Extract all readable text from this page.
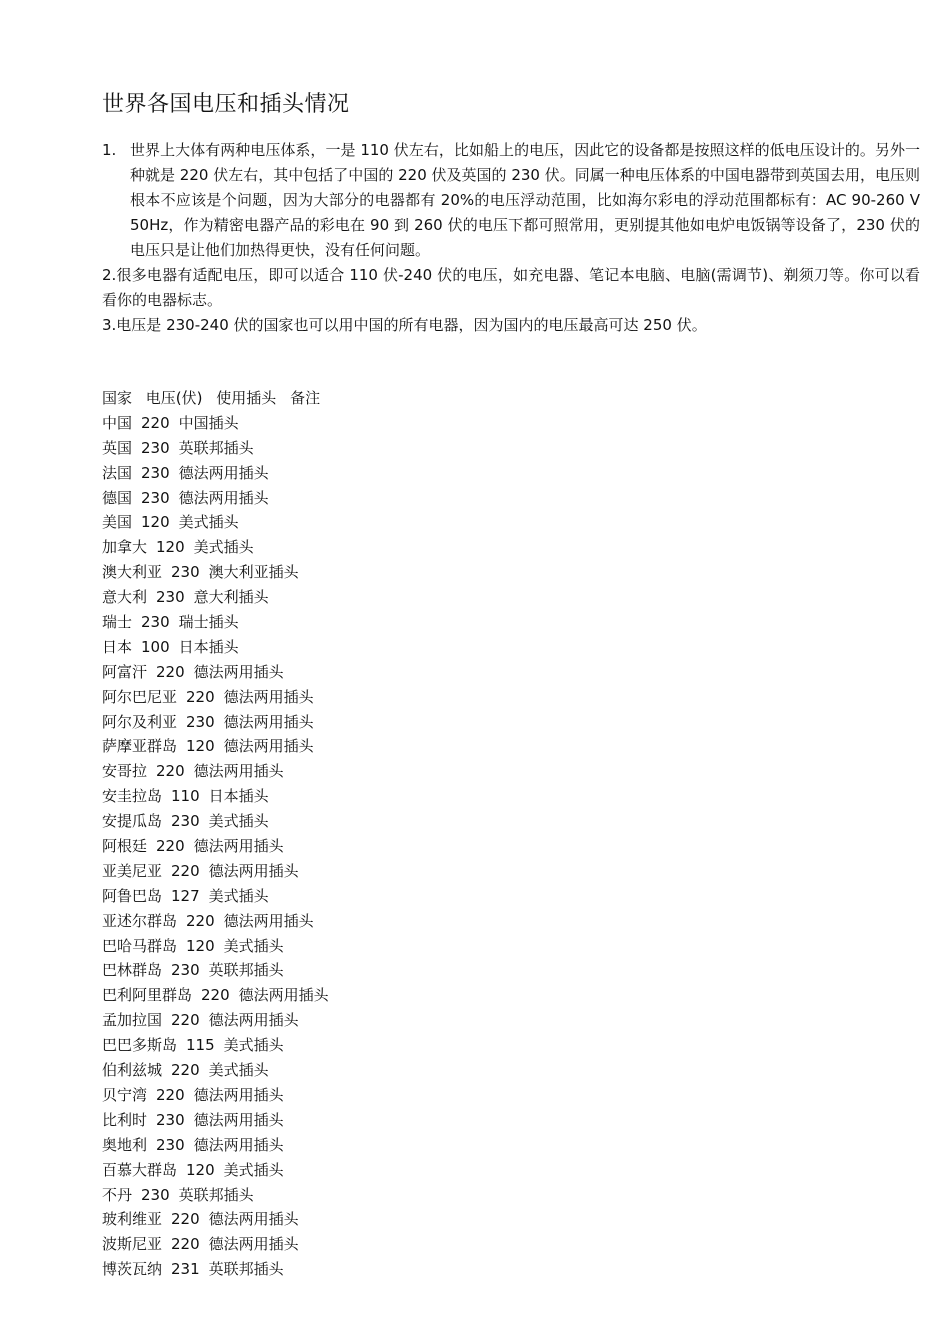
世界各国电压和插头情况

1. 世界上大体有两种电压体系，一是 110 伏左右，比如船上的电压，因此它的设备都是按照这样的低电压设计的。另外一种就是 220 伏左右，其中包括了中国的 220 伏及英国的 230 伏。同属一种电压体系的中国电器带到英国去用，电压则根本不应该是个问题，因为大部分的电器都有 20%的电压浮动范围，比如海尔彩电的浮动范围都标有：AC 90-260 V 50Hz，作为精密电器产品的彩电在 90 到 260 伏的电压下都可照常用，更别提其他如电炉电饭锅等设备了，230 伏的电压只是让他们加热得更快，没有任何问题。

2.很多电器有适配电压，即可以适合 110 伏-240 伏的电压，如充电器、笔记本电脑、电脑(需调节)、剃须刀等。你可以看看你的电器标志。

3.电压是 230-240 伏的国家也可以用中国的所有电器，因为国内的电压最高可达 250 伏。

国家 电压(伏) 使用插头 备注
中国 220 中国插头
英国 230 英联邦插头
法国 230 德法两用插头
德国 230 德法两用插头
美国 120 美式插头
加拿大 120 美式插头
澳大利亚 230 澳大利亚插头
意大利 230 意大利插头
瑞士 230 瑞士插头
日本 100 日本插头
阿富汗 220 德法两用插头
阿尔巴尼亚 220 德法两用插头
阿尔及利亚 230 德法两用插头
萨摩亚群岛 120 德法两用插头
安哥拉 220 德法两用插头
安圭拉岛 110 日本插头
安提瓜岛 230 美式插头
阿根廷 220 德法两用插头
亚美尼亚 220 德法两用插头
阿鲁巴岛 127 美式插头
亚述尔群岛 220 德法两用插头
巴哈马群岛 120 美式插头
巴林群岛 230 英联邦插头
巴利阿里群岛 220 德法两用插头
孟加拉国 220 德法两用插头
巴巴多斯岛 115 美式插头
伯利兹城 220 美式插头
贝宁湾 220 德法两用插头
比利时 230 德法两用插头
奥地利 230 德法两用插头
百慕大群岛 120 美式插头
不丹 230 英联邦插头
玻利维亚 220 德法两用插头
波斯尼亚 220 德法两用插头
博茨瓦纳 231 英联邦插头
